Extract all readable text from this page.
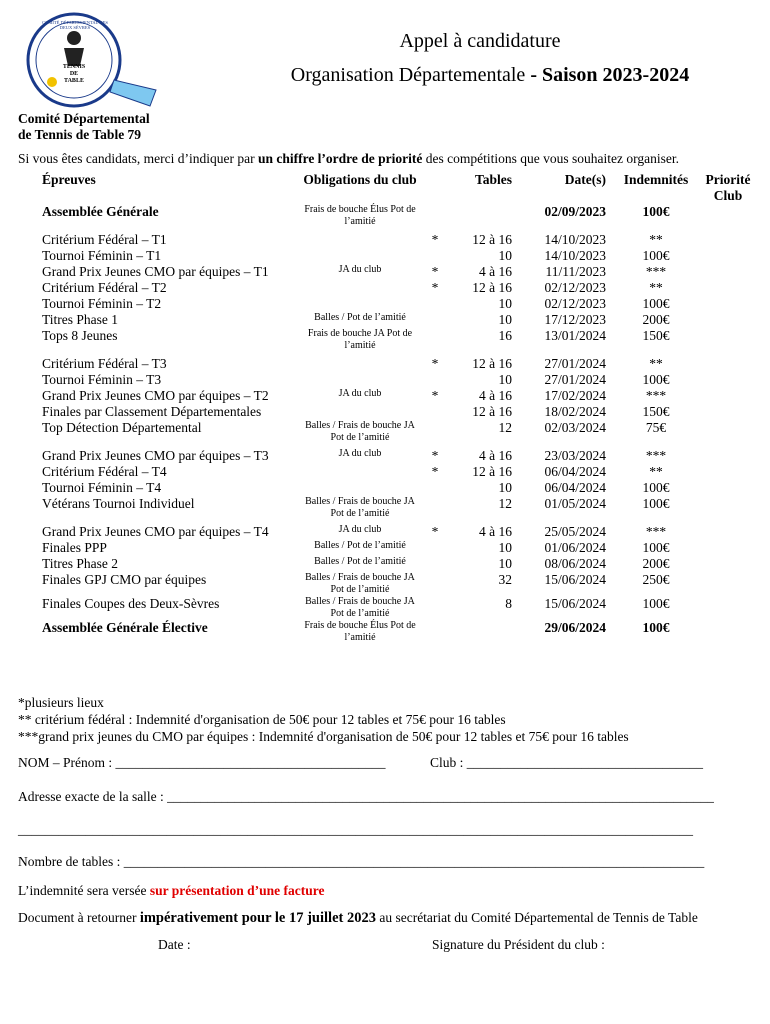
TENNIS
DE
TABLE
COMITÉ DÉPARTEMENTAL DES DEUX SÈVRES
Appel à candidature
Organisation Départementale - Saison 2023-2024
Comité Départemental
de Tennis de Table 79
Si vous êtes candidats, merci d’indiquer par un chiffre l’ordre de priorité des compétitions que vous souhaitez organiser.
Épreuves	Obligations du club		Tables	Date(s)	Indemnités	Priorité Club
Assemblée Générale	Frais de bouche Élus Pot de l’amitié			02/09/2023	100€	
Critérium Fédéral – T1		*	12 à 16	14/10/2023	**	
Tournoi Féminin – T1			10	14/10/2023	100€	
Grand Prix Jeunes CMO par équipes – T1	JA du club	*	4 à 16	11/11/2023	***	
Critérium Fédéral – T2		*	12 à 16	02/12/2023	**	
Tournoi Féminin – T2			10	02/12/2023	100€	
Titres Phase 1	Balles / Pot de l’amitié		10	17/12/2023	200€	
Tops 8 Jeunes	Frais de bouche JA Pot de l’amitié		16	13/01/2024	150€	
Critérium Fédéral – T3		*	12 à 16	27/01/2024	**	
Tournoi Féminin – T3			10	27/01/2024	100€	
Grand Prix Jeunes CMO par équipes – T2	JA du club	*	4 à 16	17/02/2024	***	
Finales par Classement Départementales			12 à 16	18/02/2024	150€	
Top Détection Départemental	Balles / Frais de bouche JA Pot de l’amitié		12	02/03/2024	75€	
Grand Prix Jeunes CMO par équipes – T3	JA du club	*	4 à 16	23/03/2024	***	
Critérium Fédéral – T4		*	12 à 16	06/04/2024	**	
Tournoi Féminin – T4			10	06/04/2024	100€	
Vétérans Tournoi Individuel	Balles / Frais de bouche JA Pot de l’amitié		12	01/05/2024	100€	
Grand Prix Jeunes CMO par équipes – T4	JA du club	*	4 à 16	25/05/2024	***	
Finales PPP	Balles / Pot de l’amitié		10	01/06/2024	100€	
Titres Phase 2	Balles / Pot de l’amitié		10	08/06/2024	200€	
Finales GPJ CMO par équipes	Balles / Frais de bouche JA Pot de l’amitié		32	15/06/2024	250€	
Finales Coupes des Deux-Sèvres	Balles / Frais de bouche JA Pot de l’amitié		8	15/06/2024	100€	
Assemblée Générale Élective	Frais de bouche Élus Pot de l’amitié			29/06/2024	100€	
*plusieurs lieux
** critérium fédéral : Indemnité d'organisation de 50€ pour 12 tables et 75€ pour 16 tables
***grand prix jeunes du CMO par équipes : Indemnité d'organisation de 50€ pour 12 tables et 75€ pour 16 tables
NOM – Prénom : ________________________________________	Club : ___________________________________
Adresse exacte de la salle : _________________________________________________________________________________
____________________________________________________________________________________________________
Nombre de tables : ______________________________________________________________________________________
L’indemnité sera versée sur présentation d’une facture
Document à retourner impérativement pour le 17 juillet 2023 au secrétariat du Comité Départemental de Tennis de Table
Date :	Signature du Président du club :
